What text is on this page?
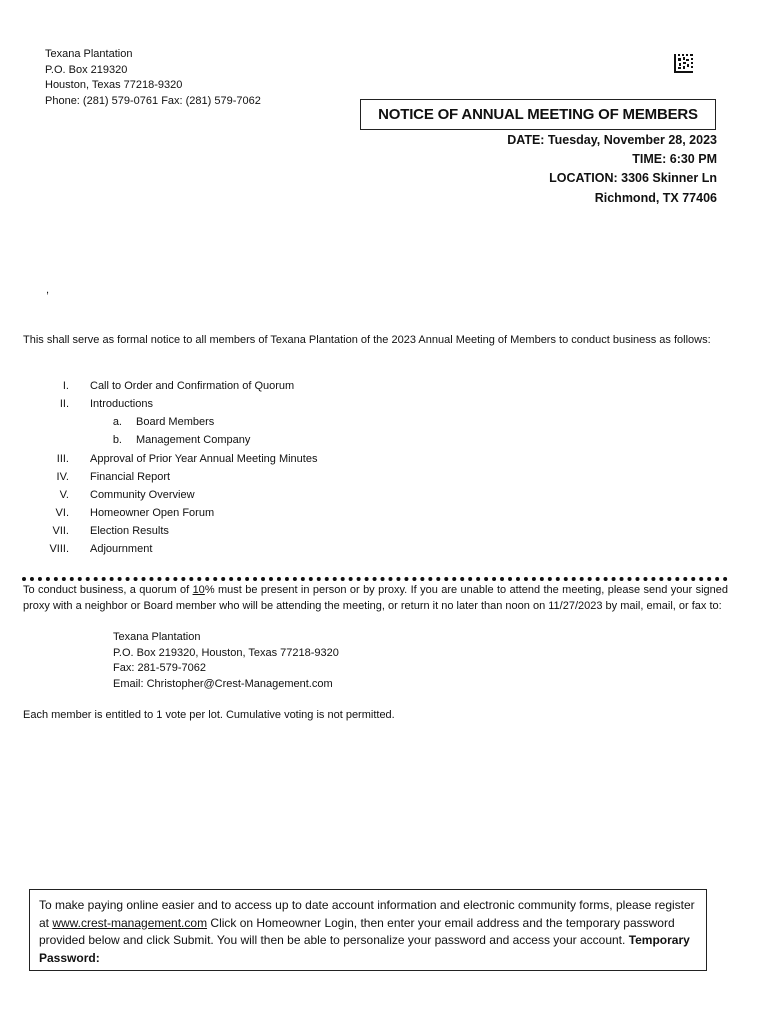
Texana Plantation
P.O. Box 219320
Houston, Texas 77218-9320
Phone: (281) 579-0761 Fax: (281) 579-7062
NOTICE OF ANNUAL MEETING OF MEMBERS
DATE: Tuesday, November 28, 2023
TIME: 6:30 PM
LOCATION: 3306 Skinner Ln
Richmond, TX 77406
,
This shall serve as formal notice to all members of Texana Plantation of the 2023 Annual Meeting of Members to conduct business as follows:
I. Call to Order and Confirmation of Quorum
II. Introductions
a. Board Members
b. Management Company
III. Approval of Prior Year Annual Meeting Minutes
IV. Financial Report
V. Community Overview
VI. Homeowner Open Forum
VII. Election Results
VIII. Adjournment
To conduct business, a quorum of 10% must be present in person or by proxy. If you are unable to attend the meeting, please send your signed proxy with a neighbor or Board member who will be attending the meeting, or return it no later than noon on 11/27/2023 by mail, email, or fax to:
Texana Plantation
P.O. Box 219320, Houston, Texas 77218-9320
Fax: 281-579-7062
Email: Christopher@Crest-Management.com
Each member is entitled to 1 vote per lot. Cumulative voting is not permitted.
To make paying online easier and to access up to date account information and electronic community forms, please register at www.crest-management.com Click on Homeowner Login, then enter your email address and the temporary password provided below and click Submit. You will then be able to personalize your password and access your account. Temporary Password:
